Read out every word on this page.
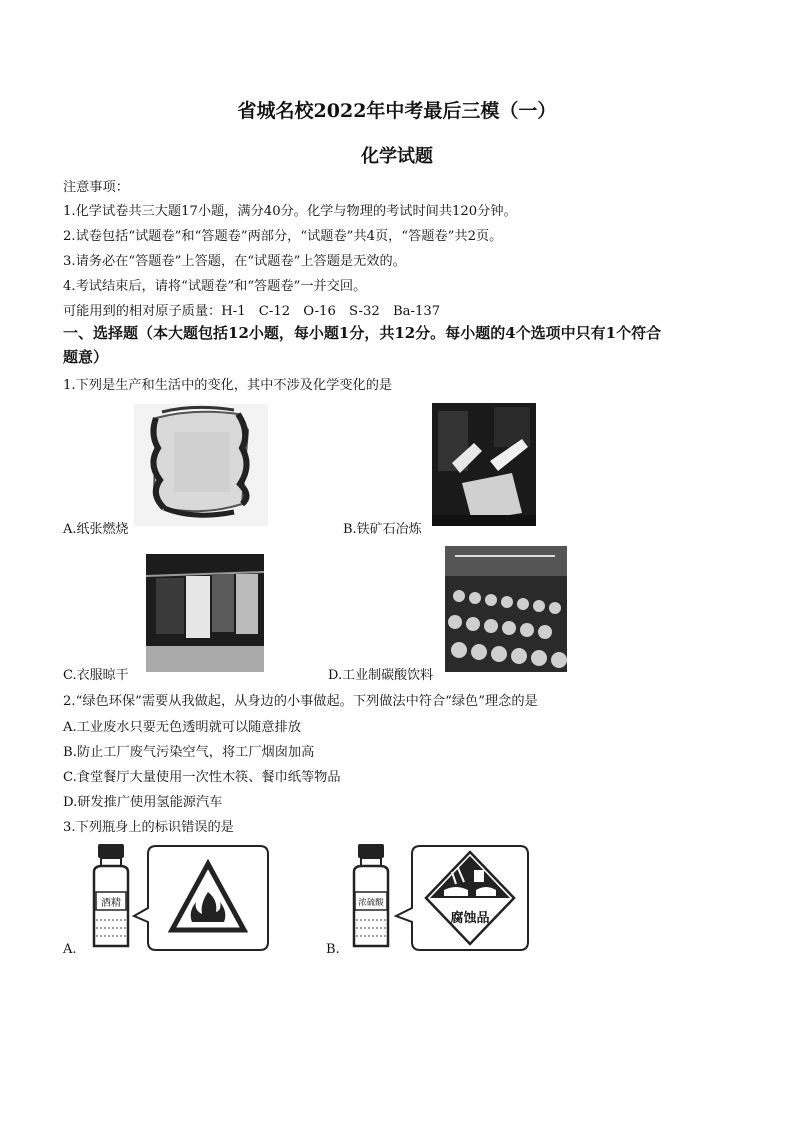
省城名校2022年中考最后三模（一）
化学试题
注意事项：
1.化学试卷共三大题17小题，满分40分。化学与物理的考试时间共120分钟。
2.试卷包括“试题卷”和“答题卷”两部分，“试题卷”共4页，“答题卷”共2页。
3.请务必在“答题卷”上答题，在“试题卷”上答题是无效的。
4.考试结束后，请将“试题卷”和“答题卷”一并交回。
可能用到的相对原子质量：H-1　C-12　O-16　S-32　Ba-137
一、选择题（本大题包括12小题，每小题1分，共12分。每小题的4个选项中只有1个符合
题意）
1.下列是生产和生活中的变化，其中不涉及化学变化的是
A.纸张燃烧	B.铁矿石冶炼
C.衣服晾干	D.工业制碳酸饮料
2.“绿色环保”需要从我做起，从身边的小事做起。下列做法中符合“绿色”理念的是
A.工业废水只要无色透明就可以随意排放
B.防止工厂废气污染空气，将工厂烟囱加高
C.食堂餐厅大量使用一次性木筷、餐巾纸等物品
D.研发推广使用氢能源汽车
3.下列瓶身上的标识错误的是
酒精
A.
浓硫酸
腐蚀品
B.
